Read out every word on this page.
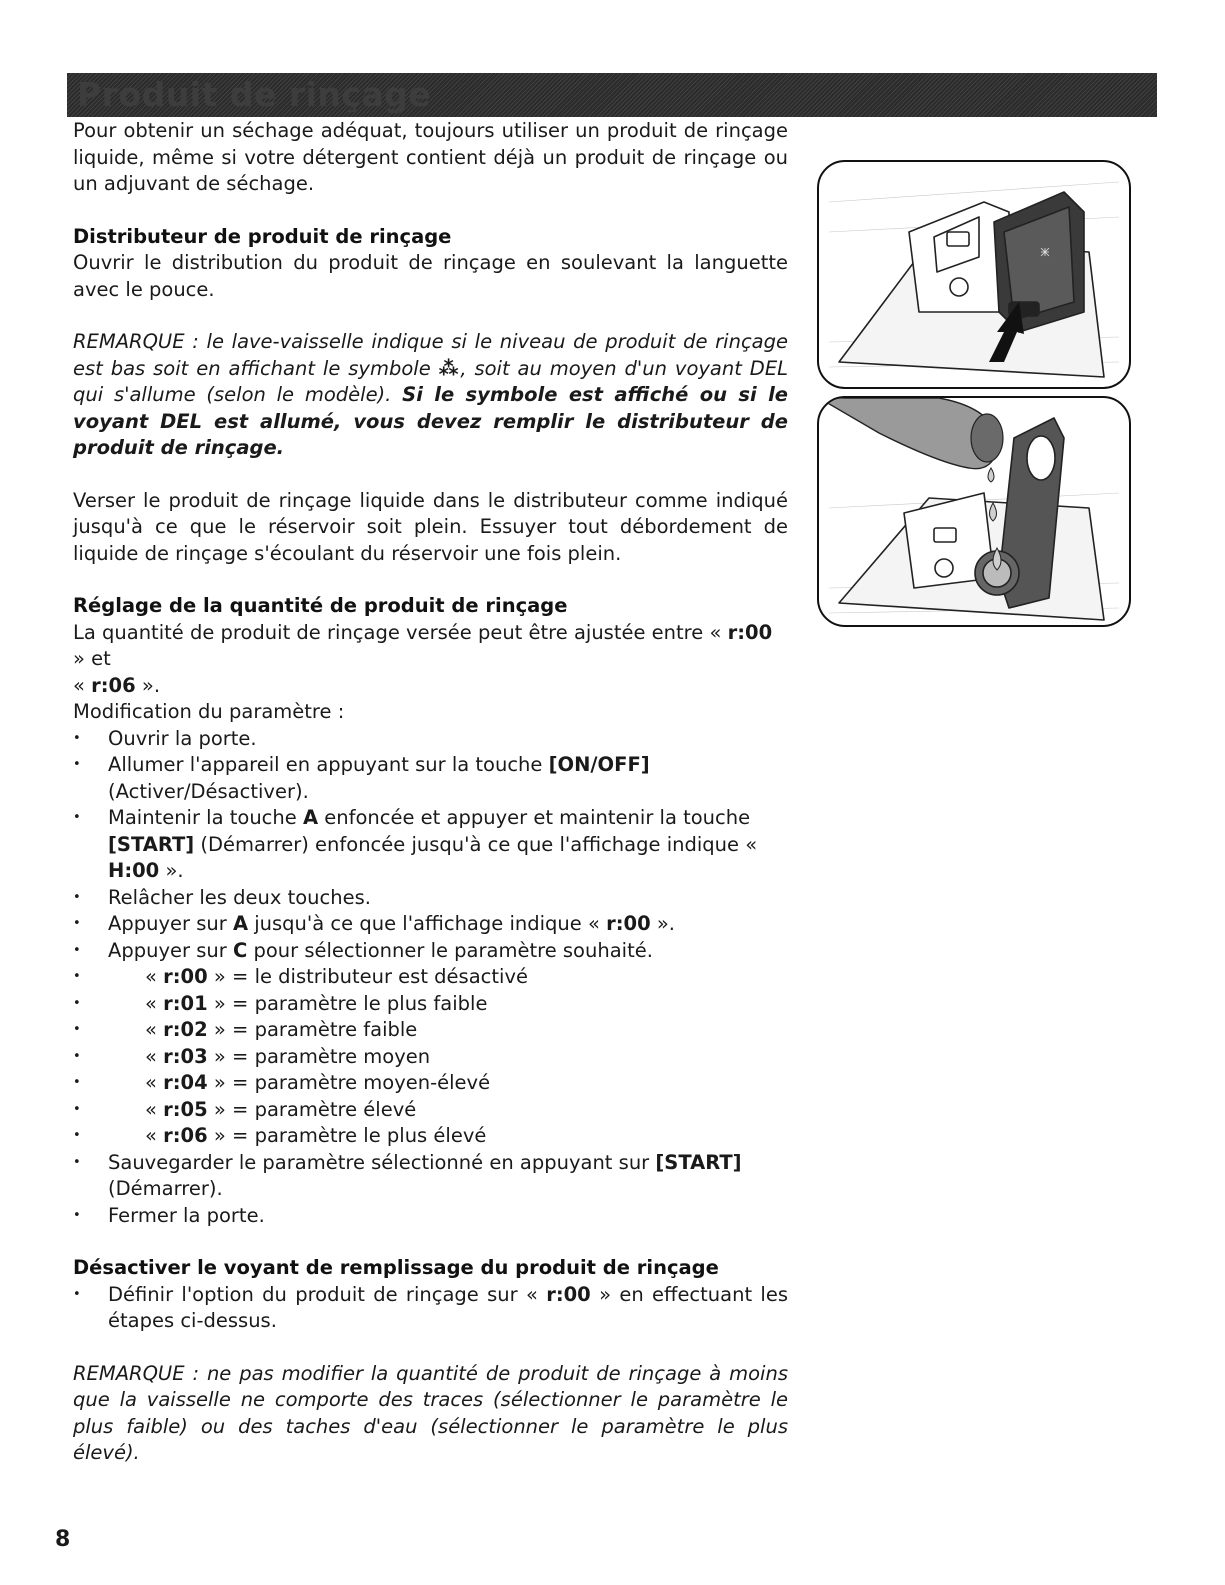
Produit de rinçage

Pour obtenir un séchage adéquat, toujours utiliser un produit de rinçage liquide, même si votre détergent contient déjà un produit de rinçage ou un adjuvant de séchage.

Distributeur de produit de rinçage

Ouvrir le distribution du produit de rinçage en soulevant la languette avec le pouce.

REMARQUE : le lave-vaisselle indique si le niveau de produit de rinçage est bas soit en affichant le symbole ⁂, soit au moyen d'un voyant DEL qui s'allume (selon le modèle). Si le symbole est affiché ou si le voyant DEL est allumé, vous devez remplir le distributeur de produit de rinçage.

Verser le produit de rinçage liquide dans le distributeur comme indiqué jusqu'à ce que le réservoir soit plein. Essuyer tout débordement de liquide de rinçage s'écoulant du réservoir une fois plein.

Réglage de la quantité de produit de rinçage

La quantité de produit de rinçage versée peut être ajustée entre « r:00 » et

« r:06 ».

Modification du paramètre :

• Ouvrir la porte.
• Allumer l'appareil en appuyant sur la touche [ON/OFF] (Activer/Désactiver).
• Maintenir la touche A enfoncée et appuyer et maintenir la touche [START] (Démarrer) enfoncée jusqu'à ce que l'affichage indique « H:00 ».
• Relâcher les deux touches.
• Appuyer sur A jusqu'à ce que l'affichage indique « r:00 ».
• Appuyer sur C pour sélectionner le paramètre souhaité.
• « r:00 » = le distributeur est désactivé
• « r:01 » = paramètre le plus faible
• « r:02 » = paramètre faible
• « r:03 » = paramètre moyen
• « r:04 » = paramètre moyen-élevé
• « r:05 » = paramètre élevé
• « r:06 » = paramètre le plus élevé
• Sauvegarder le paramètre sélectionné en appuyant sur [START] (Démarrer).
• Fermer la porte.
Désactiver le voyant de remplissage du produit de rinçage
• Définir l'option du produit de rinçage sur « r:00 » en effectuant les étapes ci-dessus.

REMARQUE : ne pas modifier la quantité de produit de rinçage à moins que la vaisselle ne comporte des traces (sélectionner le paramètre le plus faible) ou des taches d'eau (sélectionner le paramètre le plus élevé).

8
